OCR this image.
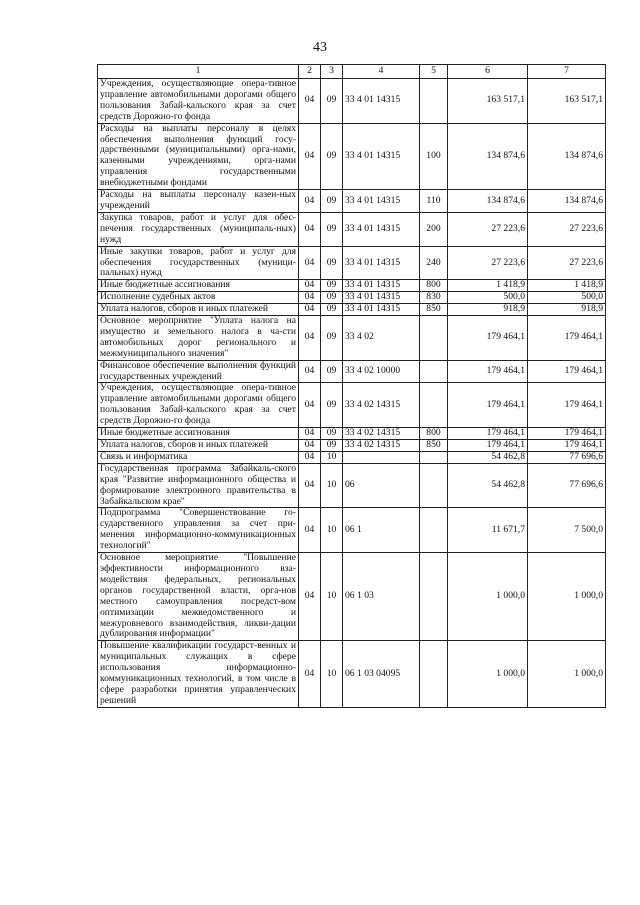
43
1	2	3	4	5	6	7
Учреждения, осуществляющие опера-тивное управление автомобильными дорогами общего пользования Забай-кальского края за счет средств Дорожно-го фонда	04	09	33 4 01 14315		163 517,1	163 517,1
Расходы на выплаты персоналу в целях обеспечения выполнения функций госу-дарственными (муниципальными) орга-нами, казенными учреждениями, орга-нами управления государственными внебюджетными фондами	04	09	33 4 01 14315	100	134 874,6	134 874,6
Расходы на выплаты персоналу казен-ных учреждений	04	09	33 4 01 14315	110	134 874,6	134 874,6
Закупка товаров, работ и услуг для обес-печения государственных (муниципаль-ных) нужд	04	09	33 4 01 14315	200	27 223,6	27 223,6
Иные закупки товаров, работ и услуг для обеспечения государственных (муници-пальных) нужд	04	09	33 4 01 14315	240	27 223,6	27 223,6
Иные бюджетные ассигнования	04	09	33 4 01 14315	800	1 418,9	1 418,9
Исполнение судебных актов	04	09	33 4 01 14315	830	500,0	500,0
Уплата налогов, сборов и иных платежей	04	09	33 4 01 14315	850	918,9	918,9
Основное мероприятие "Уплата налога на имущество и земельного налога в ча-сти автомобильных дорог регионального и межмуниципального значения"	04	09	33 4 02		179 464,1	179 464,1
Финансовое обеспечение выполнения функций государственных учреждений	04	09	33 4 02 10000		179 464,1	179 464,1
Учреждения, осуществляющие опера-тивное управление автомобильными дорогами общего пользования Забай-кальского края за счет средств Дорожно-го фонда	04	09	33 4 02 14315		179 464,1	179 464,1
Иные бюджетные ассигнования	04	09	33 4 02 14315	800	179 464,1	179 464,1
Уплата налогов, сборов и иных платежей	04	09	33 4 02 14315	850	179 464,1	179 464,1
Связь и информатика	04	10			54 462,8	77 696,6
Государственная программа Забайкаль-ского края "Развитие информационного общества и формирование электронного правительства в Забайкальском крае"	04	10	06		54 462,8	77 696,6
Подпрограмма "Совершенствование го-сударственного управления за счет при-менения информационно-коммуникационных технологий"	04	10	06 1		11 671,7	7 500,0
Основное мероприятие "Повышение эффективности информационного вза-модействия федеральных, региональных органов государственной власти, орга-нов местного самоуправления посредст-вом оптимизации межведомственного и межуровневого взаимодействия, ликви-дации дублирования информации"	04	10	06 1 03		1 000,0	1 000,0
Повышение квалификации государст-венных и муниципальных служащих в сфере использования информационно-коммуникационных технологий, в том числе в сфере разработки принятия управленческих решений	04	10	06 1 03 04095		1 000,0	1 000,0
